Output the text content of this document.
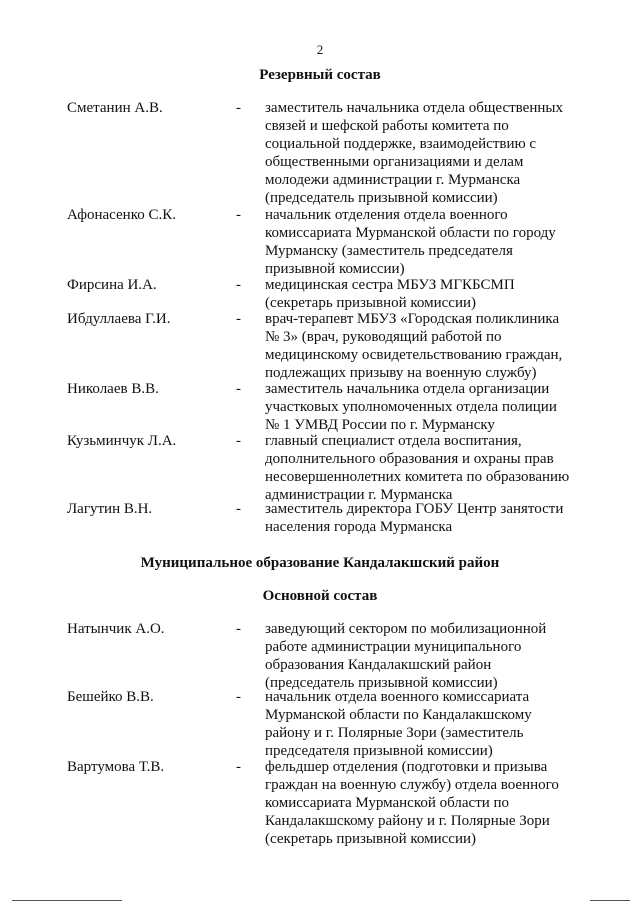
2
Резервный состав
Сметанин А.В.	- заместитель начальника отдела общественных
связей и шефской работы комитета по
социальной поддержке, взаимодействию с
общественными организациями и делам
молодежи администрации г. Мурманска
(председатель призывной комиссии)
Афонасенко С.К.	- начальник отделения отдела военного
комиссариата Мурманской области по городу
Мурманску (заместитель председателя
призывной комиссии)
Фирсина И.А.	- медицинская сестра МБУЗ МГКБСМП
(секретарь призывной комиссии)
Ибдуллаева Г.И.	- врач-терапевт МБУЗ «Городская поликлиника
№ 3» (врач, руководящий работой по
медицинскому освидетельствованию граждан,
подлежащих призыву на военную службу)
Николаев В.В.	- заместитель начальника отдела организации
участковых уполномоченных отдела полиции
№ 1 УМВД России по г. Мурманску
Кузьминчук Л.А.	- главный специалист отдела воспитания,
дополнительного образования и охраны прав
несовершеннолетних комитета по образованию
администрации г. Мурманска
Лагутин В.Н.	- заместитель директора ГОБУ Центр занятости
населения города Мурманска
Муниципальное образование Кандалакшский район
Основной состав
Натынчик А.О.	- заведующий сектором по мобилизационной
работе администрации муниципального
образования Кандалакшский район
(председатель призывной комиссии)
Бешейко В.В.	- начальник отдела военного комиссариата
Мурманской области по Кандалакшскому
району и г. Полярные Зори (заместитель
председателя призывной комиссии)
Вартумова Т.В.	- фельдшер отделения (подготовки и призыва
граждан на военную службу) отдела военного
комиссариата Мурманской области по
Кандалакшскому району и г. Полярные Зори
(секретарь призывной комиссии)
